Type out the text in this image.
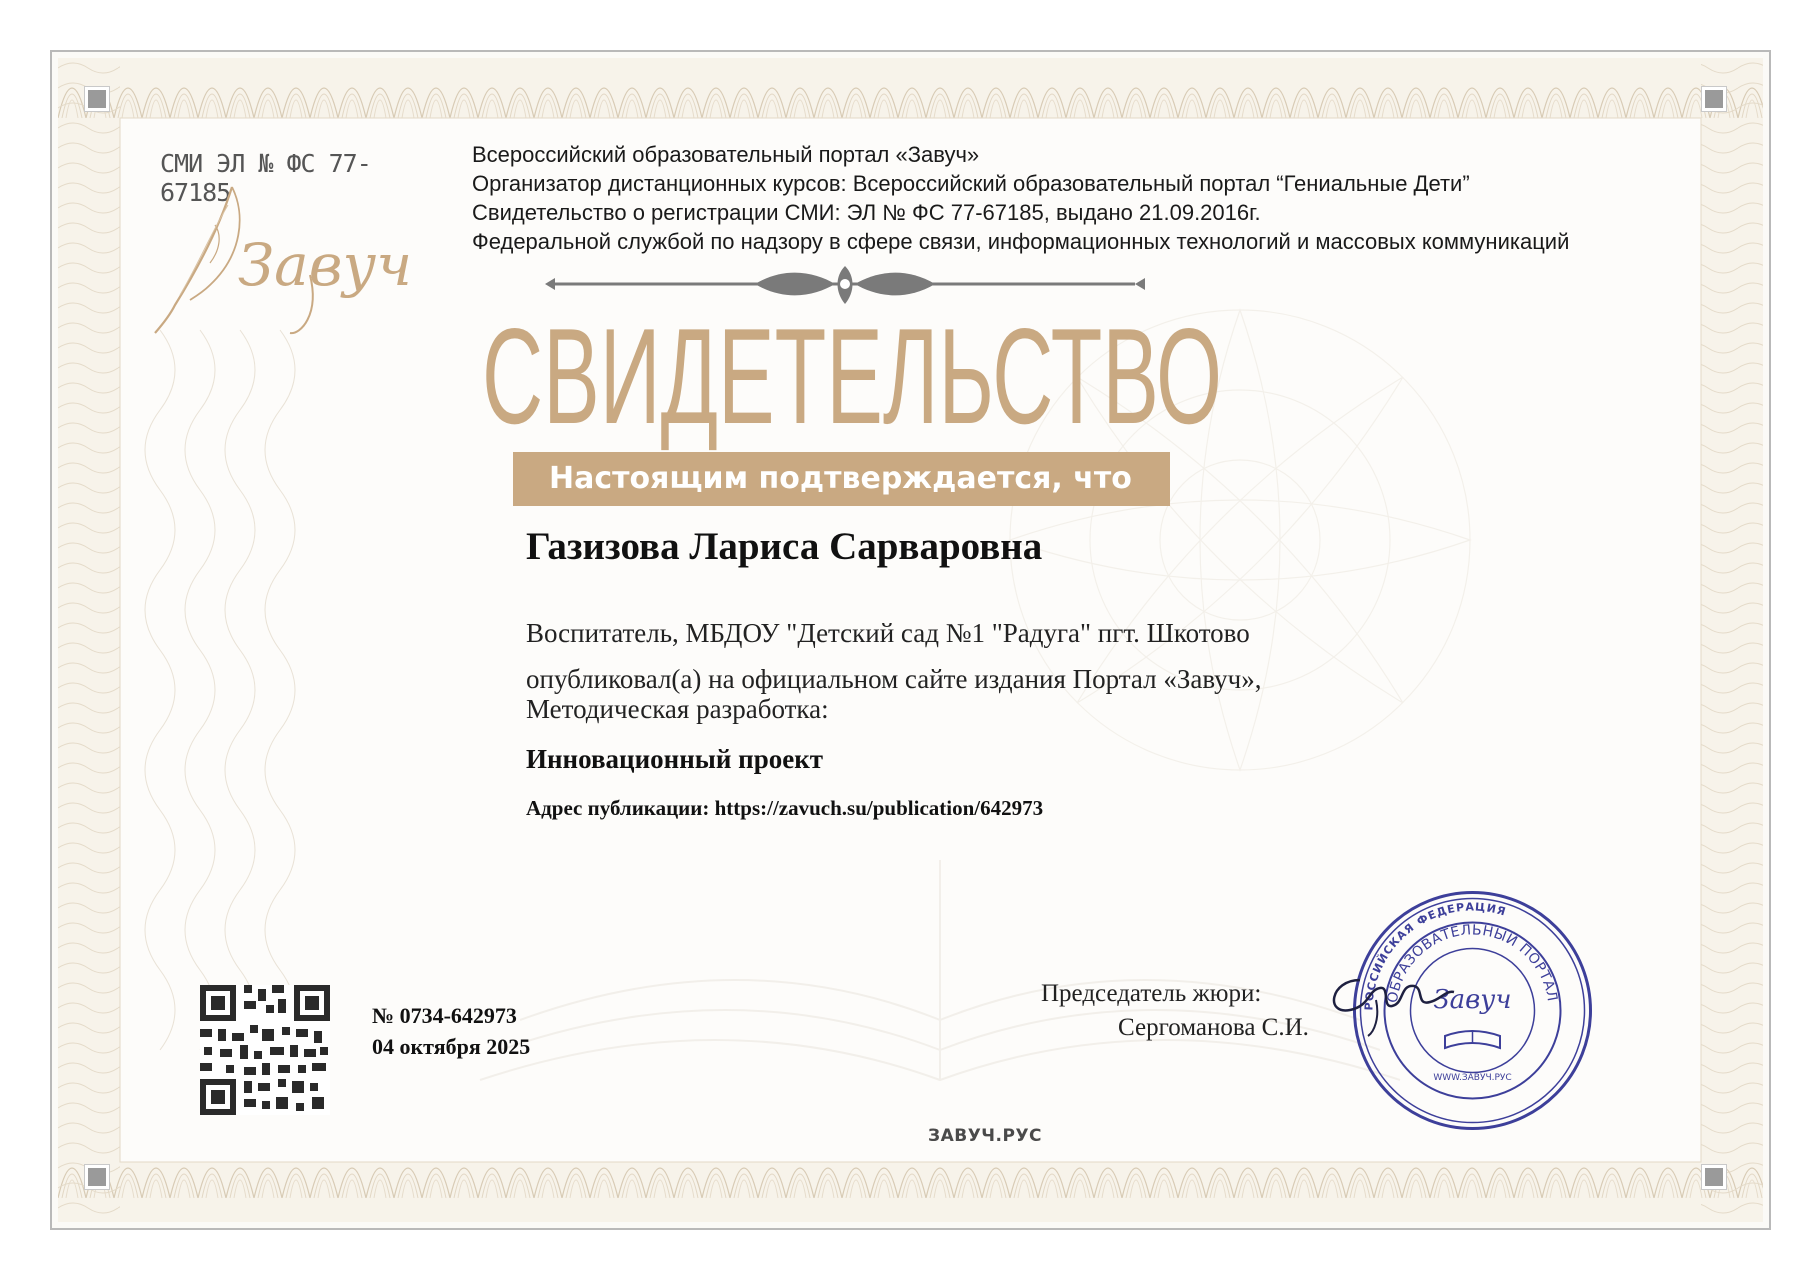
СМИ ЭЛ № ФС 77-67185
Завуч
Всероссийский образовательный портал «Завуч»
Организатор дистанционных курсов: Всероссийский образовательный портал “Гениальные Дети”
Свидетельство о регистрации СМИ: ЭЛ № ФС 77-67185, выдано 21.09.2016г.
Федеральной службой по надзору в сфере связи, информационных технологий и массовых коммуникаций
СВИДЕТЕЛЬСТВО
Настоящим подтверждается, что
Газизова Лариса Сарваровна
Воспитатель, МБДОУ "Детский сад №1 "Радуга" пгт. Шкотово
опубликовал(а) на официальном сайте издания Портал «Завуч»,
Методическая разработка:
Инновационный проект
Адрес публикации: https://zavuch.su/publication/642973
№ 0734-642973
04 октября 2025
Председатель жюри:
Сергоманова С.И.
РОССИЙСКАЯ ФЕДЕРАЦИЯ
ОБРАЗОВАТЕЛЬНЫЙ ПОРТАЛ
Завуч
WWW.ЗАВУЧ.РУС
ЗАВУЧ.РУС
